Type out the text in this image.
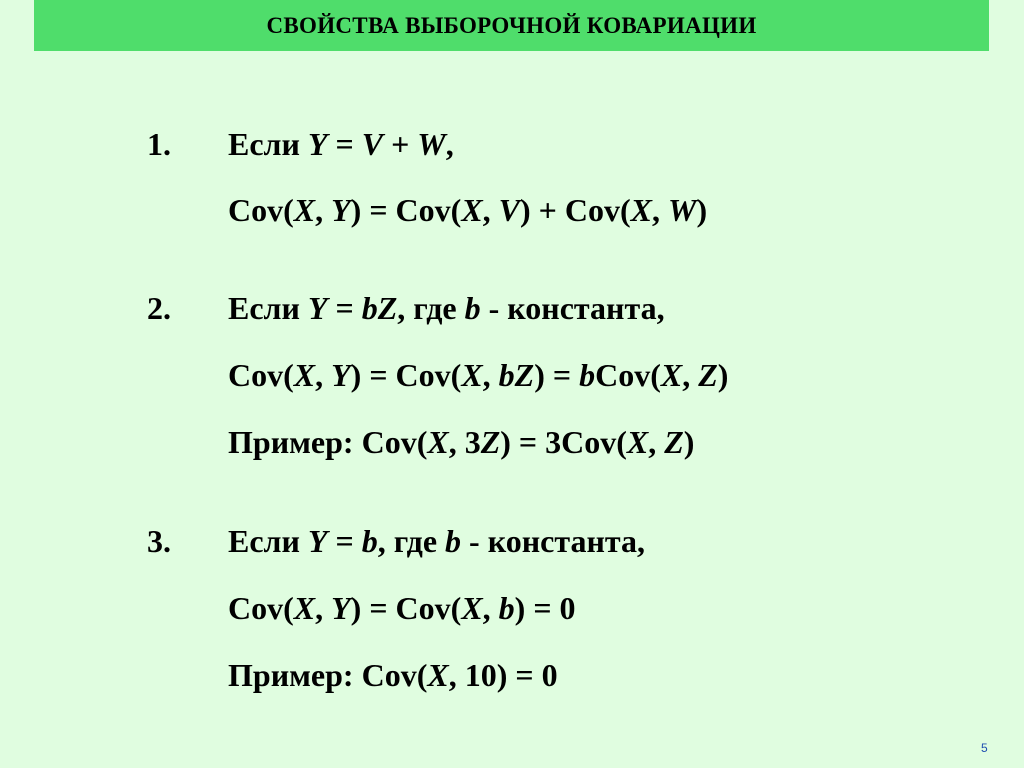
СВОЙСТВА ВЫБОРОЧНОЙ КОВАРИАЦИИ
1. Если Y = V + W,
Cov(X, Y) = Cov(X, V) + Cov(X, W)
2. Если Y = bZ, где b - константа,
Cov(X, Y) = Cov(X, bZ) = bCov(X, Z)
Пример: Cov(X, 3Z) = 3Cov(X, Z)
3. Если Y = b, где b - константа,
Cov(X, Y) = Cov(X, b) = 0
Пример: Cov(X, 10) = 0
5
